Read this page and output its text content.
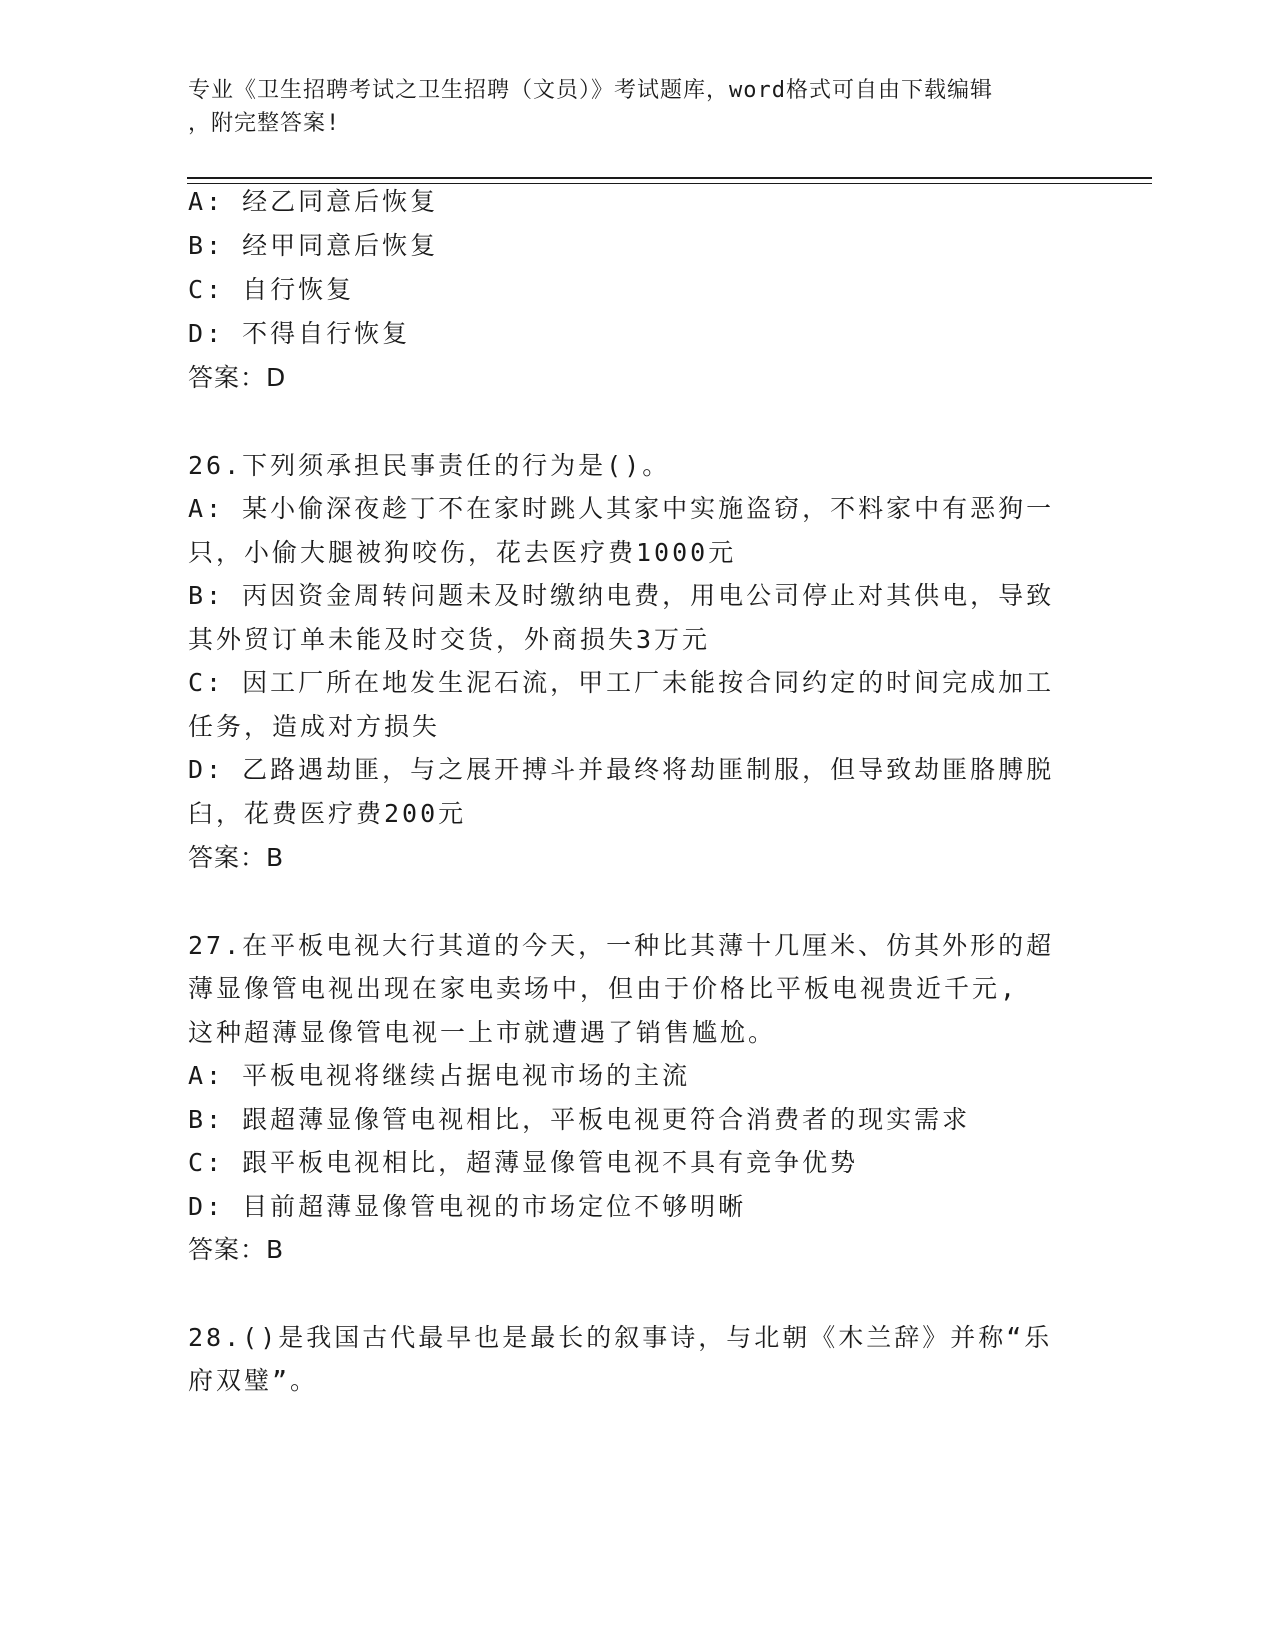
专业《卫生招聘考试之卫生招聘（文员）》考试题库，word格式可自由下载编辑
，附完整答案!
A: 经乙同意后恢复
B: 经甲同意后恢复
C: 自行恢复
D: 不得自行恢复
答案：D
26.下列须承担民事责任的行为是()。
A: 某小偷深夜趁丁不在家时跳人其家中实施盗窃，不料家中有恶狗一
只，小偷大腿被狗咬伤，花去医疗费1000元
B: 丙因资金周转问题未及时缴纳电费，用电公司停止对其供电，导致
其外贸订单未能及时交货，外商损失3万元
C: 因工厂所在地发生泥石流，甲工厂未能按合同约定的时间完成加工
任务，造成对方损失
D: 乙路遇劫匪，与之展开搏斗并最终将劫匪制服，但导致劫匪胳膊脱
臼，花费医疗费200元
答案：B
27.在平板电视大行其道的今天，一种比其薄十几厘米、仿其外形的超
薄显像管电视出现在家电卖场中，但由于价格比平板电视贵近千元,
这种超薄显像管电视一上市就遭遇了销售尴尬。
A: 平板电视将继续占据电视市场的主流
B: 跟超薄显像管电视相比，平板电视更符合消费者的现实需求
C: 跟平板电视相比，超薄显像管电视不具有竞争优势
D: 目前超薄显像管电视的市场定位不够明晰
答案：B
28.()是我国古代最早也是最长的叙事诗，与北朝《木兰辞》并称“乐
府双璧”。
